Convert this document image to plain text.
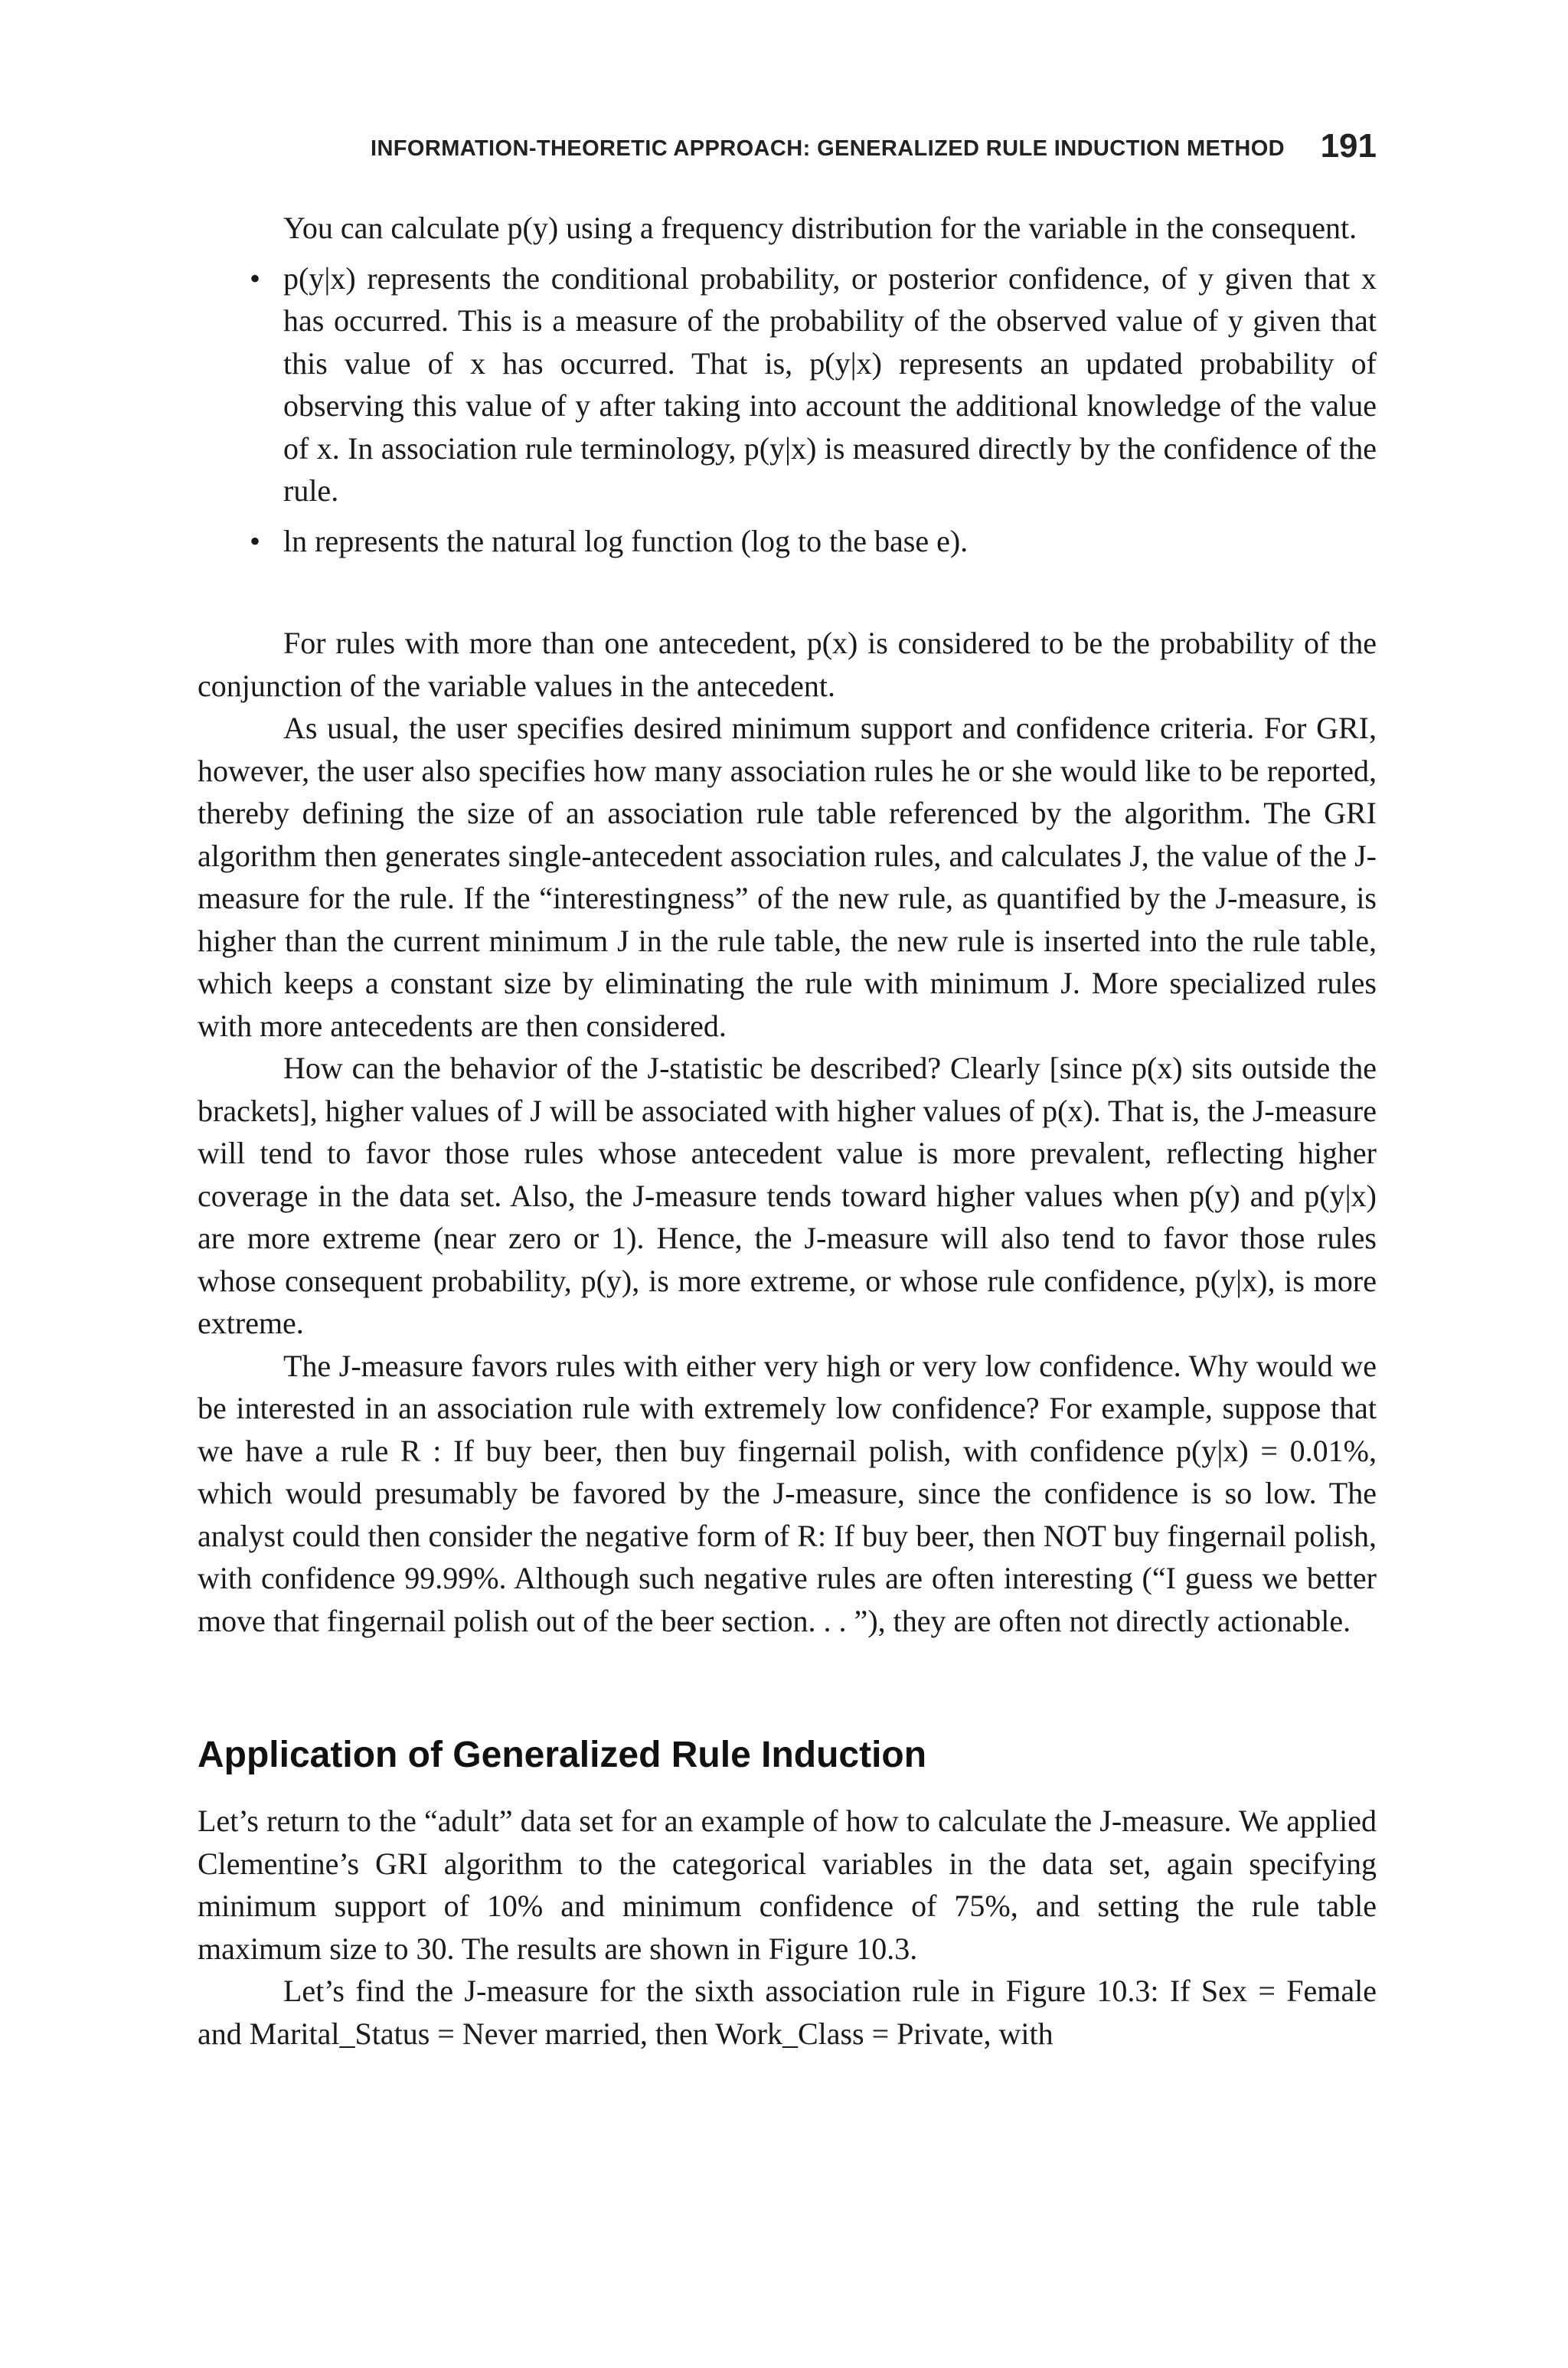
INFORMATION-THEORETIC APPROACH: GENERALIZED RULE INDUCTION METHOD 191

You can calculate p(y) using a frequency distribution for the variable in the consequent.

• p(y|x) represents the conditional probability, or posterior confidence, of y given that x has occurred. This is a measure of the probability of the observed value of y given that this value of x has occurred. That is, p(y|x) represents an updated probability of observing this value of y after taking into account the additional knowledge of the value of x. In association rule terminology, p(y|x) is measured directly by the confidence of the rule.
• ln represents the natural log function (log to the base e).

For rules with more than one antecedent, p(x) is considered to be the probability of the conjunction of the variable values in the antecedent.

As usual, the user specifies desired minimum support and confidence criteria. For GRI, however, the user also specifies how many association rules he or she would like to be reported, thereby defining the size of an association rule table referenced by the algorithm. The GRI algorithm then generates single-antecedent association rules, and calculates J, the value of the J-measure for the rule. If the “interestingness” of the new rule, as quantified by the J-measure, is higher than the current minimum J in the rule table, the new rule is inserted into the rule table, which keeps a constant size by eliminating the rule with minimum J. More specialized rules with more antecedents are then considered.

How can the behavior of the J-statistic be described? Clearly [since p(x) sits outside the brackets], higher values of J will be associated with higher values of p(x). That is, the J-measure will tend to favor those rules whose antecedent value is more prevalent, reflecting higher coverage in the data set. Also, the J-measure tends toward higher values when p(y) and p(y|x) are more extreme (near zero or 1). Hence, the J-measure will also tend to favor those rules whose consequent probability, p(y), is more extreme, or whose rule confidence, p(y|x), is more extreme.

The J-measure favors rules with either very high or very low confidence. Why would we be interested in an association rule with extremely low confidence? For example, suppose that we have a rule R : If buy beer, then buy fingernail polish, with confidence p(y|x) = 0.01%, which would presumably be favored by the J-measure, since the confidence is so low. The analyst could then consider the negative form of R: If buy beer, then NOT buy fingernail polish, with confidence 99.99%. Although such negative rules are often interesting (“I guess we better move that fingernail polish out of the beer section. . . ”), they are often not directly actionable.

Application of Generalized Rule Induction

Let’s return to the “adult” data set for an example of how to calculate the J-measure. We applied Clementine’s GRI algorithm to the categorical variables in the data set, again specifying minimum support of 10% and minimum confidence of 75%, and setting the rule table maximum size to 30. The results are shown in Figure 10.3.

Let’s find the J-measure for the sixth association rule in Figure 10.3: If Sex = Female and Marital_Status = Never married, then Work_Class = Private, with
